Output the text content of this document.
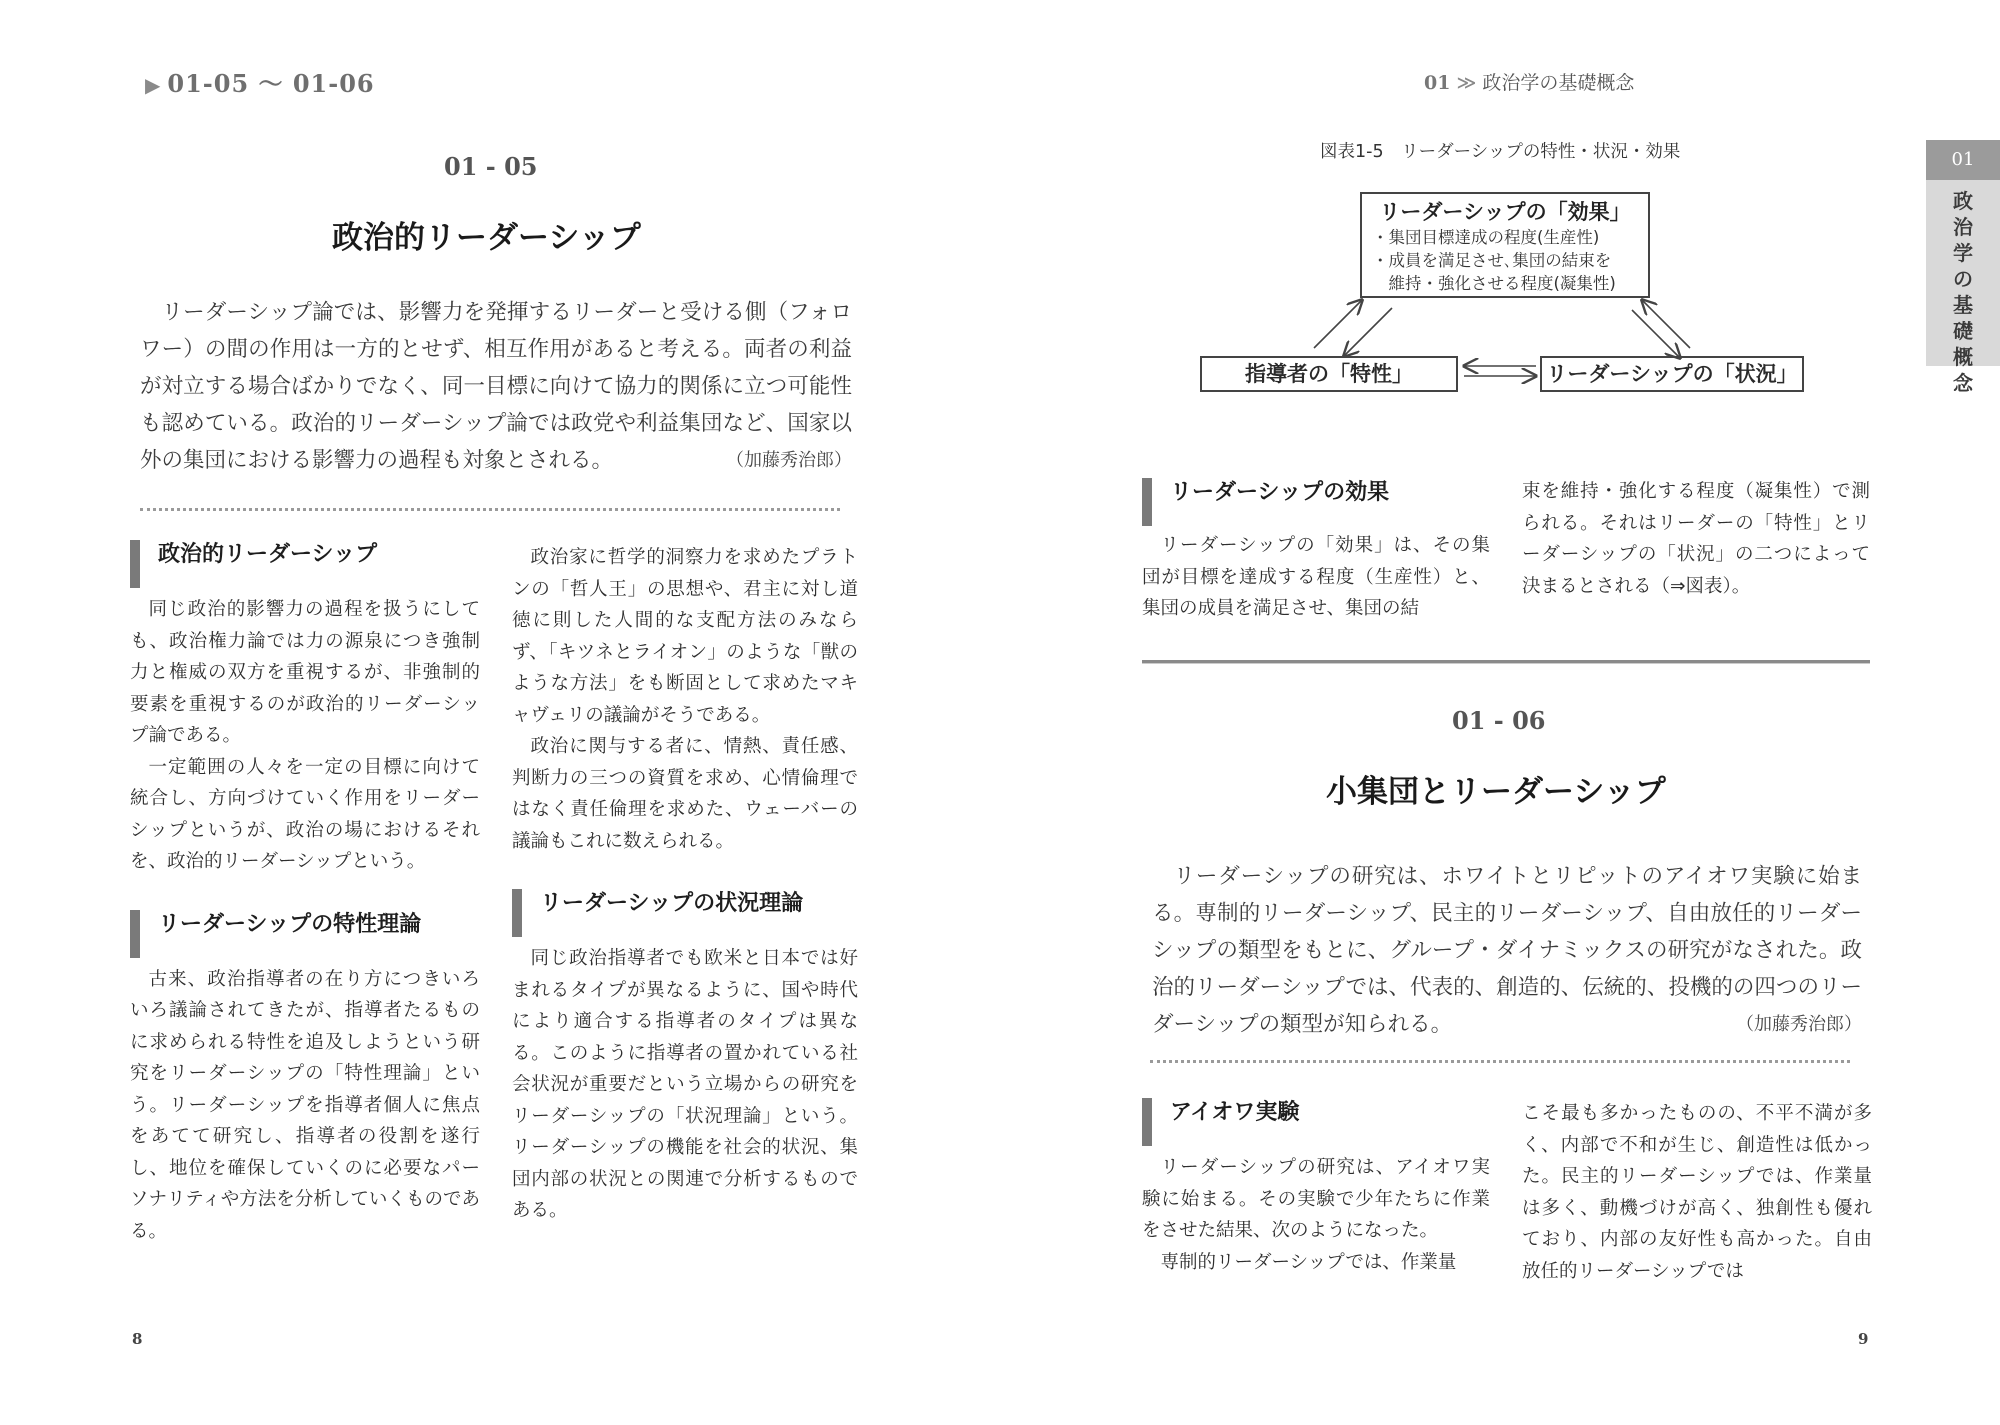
▶ 01-05 ～ 01-06
01 - 05
政治的リーダーシップ
リーダーシップ論では、影響力を発揮するリーダーと受ける側（フォロワー）の間の作用は一方的とせず、相互作用があると考える。両者の利益が対立する場合ばかりでなく、同一目標に向けて協力的関係に立つ可能性も認めている。政治的リーダーシップ論では政党や利益集団など、国家以外の集団における影響力の過程も対象とされる。	（加藤秀治郎）
政治的リーダーシップ
同じ政治的影響力の過程を扱うにしても、政治権力論では力の源泉につき強制力と権威の双方を重視するが、非強制的要素を重視するのが政治的リーダーシップ論である。
一定範囲の人々を一定の目標に向けて統合し、方向づけていく作用をリーダーシップというが、政治の場におけるそれを、政治的リーダーシップという。
リーダーシップの特性理論
古来、政治指導者の在り方につきいろいろ議論されてきたが、指導者たるものに求められる特性を追及しようという研究をリーダーシップの「特性理論」という。リーダーシップを指導者個人に焦点をあてて研究し、指導者の役割を遂行し、地位を確保していくのに必要なパーソナリティや方法を分析していくものである。
政治家に哲学的洞察力を求めたプラトンの「哲人王」の思想や、君主に対し道徳に則した人間的な支配方法のみならず、「キツネとライオン」のような「獣のような方法」をも断固として求めたマキャヴェリの議論がそうである。
政治に関与する者に、情熱、責任感、判断力の三つの資質を求め、心情倫理ではなく責任倫理を求めた、ウェーバーの議論もこれに数えられる。
リーダーシップの状況理論
同じ政治指導者でも欧米と日本では好まれるタイプが異なるように、国や時代により適合する指導者のタイプは異なる。このように指導者の置かれている社会状況が重要だという立場からの研究をリーダーシップの「状況理論」という。リーダーシップの機能を社会的状況、集団内部の状況との関連で分析するものである。
8
01 ≫ 政治学の基礎概念
01
政治学の基礎概念
図表1-5　リーダーシップの特性・状況・効果
リーダーシップの「効果」
・集団目標達成の程度(生産性)
・成員を満足させ､集団の結束を
　維持・強化させる程度(凝集性)
指導者の「特性」	リーダーシップの「状況」
リーダーシップの効果
リーダーシップの「効果」は、その集団が目標を達成する程度（生産性）と、集団の成員を満足させ、集団の結
束を維持・強化する程度（凝集性）で測られる。それはリーダーの「特性」とリーダーシップの「状況」の二つによって決まるとされる（⇒図表）。
01 - 06
小集団とリーダーシップ
リーダーシップの研究は、ホワイトとリピットのアイオワ実験に始まる。専制的リーダーシップ、民主的リーダーシップ、自由放任的リーダーシップの類型をもとに、グループ・ダイナミックスの研究がなされた。政治的リーダーシップでは、代表的、創造的、伝統的、投機的の四つのリーダーシップの類型が知られる。	（加藤秀治郎）
アイオワ実験
リーダーシップの研究は、アイオワ実験に始まる。その実験で少年たちに作業をさせた結果、次のようになった。
専制的リーダーシップでは、作業量
こそ最も多かったものの、不平不満が多く、内部で不和が生じ、創造性は低かった。民主的リーダーシップでは、作業量は多く、動機づけが高く、独創性も優れており、内部の友好性も高かった。自由放任的リーダーシップでは
9
